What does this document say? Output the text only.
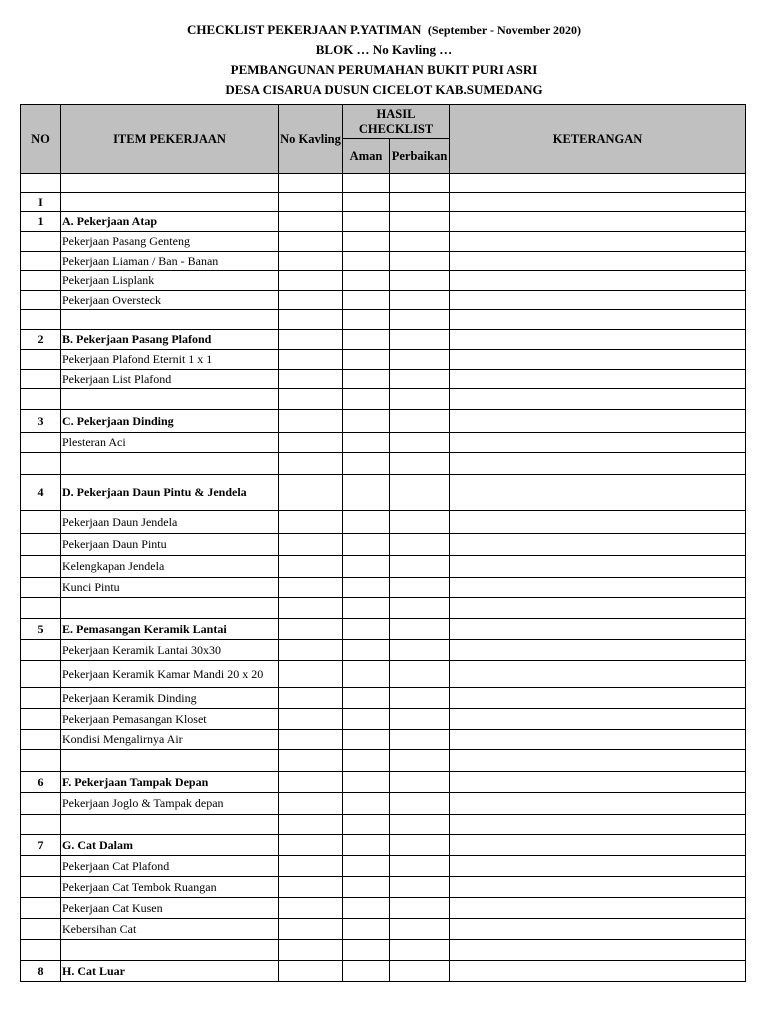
CHECKLIST PEKERJAAN P.YATIMAN (September - November 2020)
BLOK … No Kavling …
PEMBANGUNAN PERUMAHAN BUKIT PURI ASRI
DESA CISARUA DUSUN CICELOT KAB.SUMEDANG
NO	ITEM PEKERJAAN	No Kavling	HASIL CHECKLIST		KETERANGAN
			Aman	Perbaikan	

I					
1	A. Pekerjaan Atap				
	Pekerjaan Pasang Genteng				
	Pekerjaan Liaman / Ban - Banan				
	Pekerjaan Lisplank				
	Pekerjaan Oversteck				

2	B. Pekerjaan Pasang Plafond				
	Pekerjaan Plafond Eternit 1 x 1				
	Pekerjaan List Plafond				

3	C. Pekerjaan Dinding				
	Plesteran Aci				

4	D. Pekerjaan Daun Pintu & Jendela				
	Pekerjaan Daun Jendela				
	Pekerjaan Daun Pintu				
	Kelengkapan Jendela				
	Kunci Pintu				

5	E. Pemasangan Keramik Lantai				
	Pekerjaan Keramik Lantai 30x30				
	Pekerjaan Keramik Kamar Mandi 20 x 20				
	Pekerjaan Keramik Dinding				
	Pekerjaan Pemasangan Kloset				
	Kondisi Mengalirnya Air				

6	F. Pekerjaan Tampak Depan				
	Pekerjaan Joglo & Tampak depan				

7	G. Cat Dalam				
	Pekerjaan Cat Plafond				
	Pekerjaan Cat Tembok Ruangan				
	Pekerjaan Cat Kusen				
	Kebersihan Cat				

8	H. Cat Luar				
